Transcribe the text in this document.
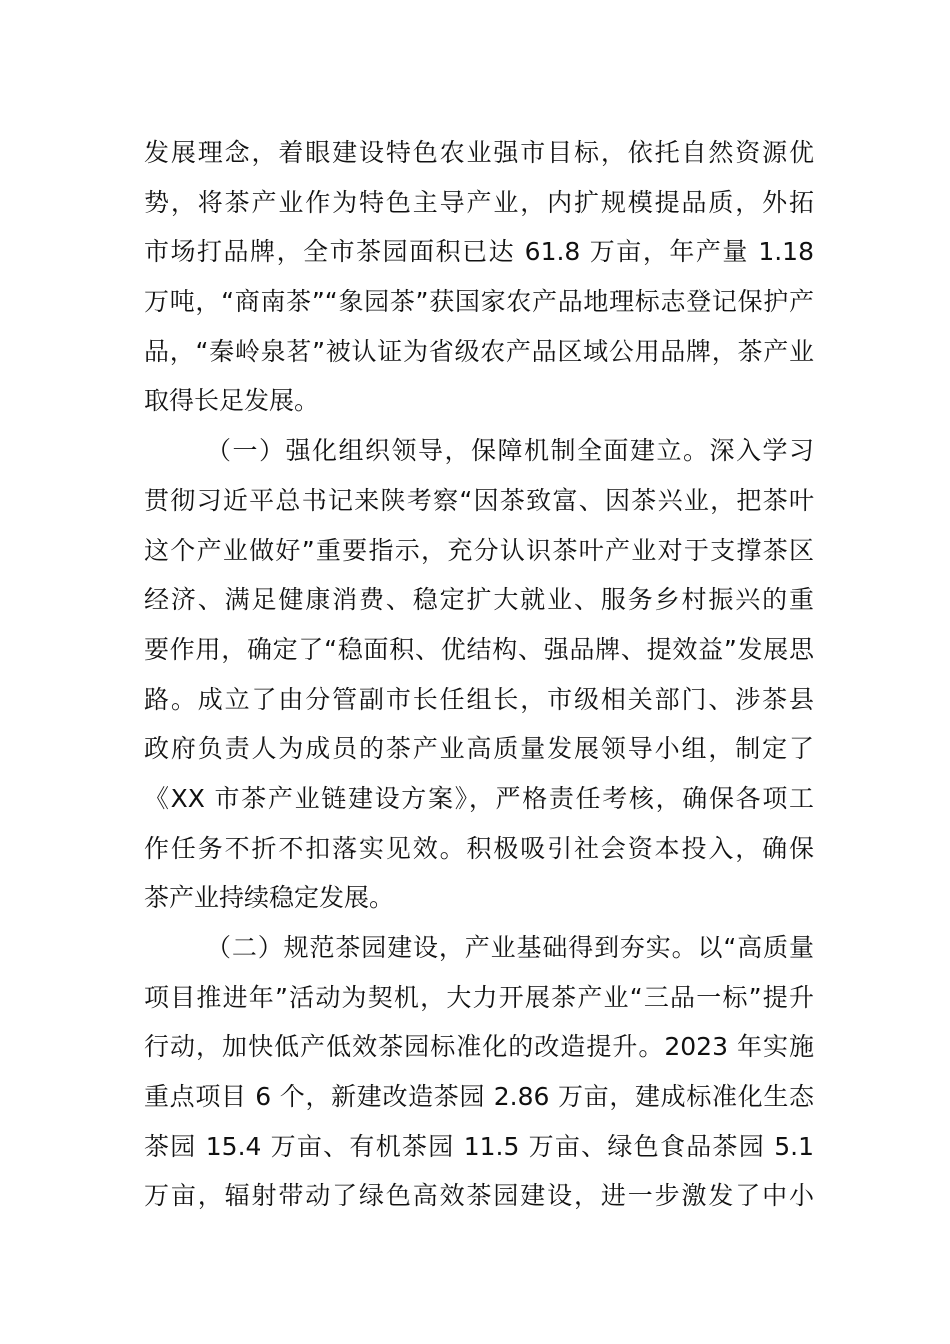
发展理念，着眼建设特色农业强市目标，依托自然资源优
势，将茶产业作为特色主导产业，内扩规模提品质，外拓
市场打品牌，全市茶园面积已达 61.8 万亩，年产量 1.18
万吨，“商南茶”“象园茶”获国家农产品地理标志登记保护产
品，“秦岭泉茗”被认证为省级农产品区域公用品牌，茶产业
取得长足发展。
（一）强化组织领导，保障机制全面建立。深入学习
贯彻习近平总书记来陕考察“因茶致富、因茶兴业，把茶叶
这个产业做好”重要指示，充分认识茶叶产业对于支撑茶区
经济、满足健康消费、稳定扩大就业、服务乡村振兴的重
要作用，确定了“稳面积、优结构、强品牌、提效益”发展思
路。成立了由分管副市长任组长，市级相关部门、涉茶县
政府负责人为成员的茶产业高质量发展领导小组，制定了
《XX 市茶产业链建设方案》，严格责任考核，确保各项工
作任务不折不扣落实见效。积极吸引社会资本投入，确保
茶产业持续稳定发展。
（二）规范茶园建设，产业基础得到夯实。以“高质量
项目推进年”活动为契机，大力开展茶产业“三品一标”提升
行动，加快低产低效茶园标准化的改造提升。2023 年实施
重点项目 6 个，新建改造茶园 2.86 万亩，建成标准化生态
茶园 15.4 万亩、有机茶园 11.5 万亩、绿色食品茶园 5.1
万亩，辐射带动了绿色高效茶园建设，进一步激发了中小
